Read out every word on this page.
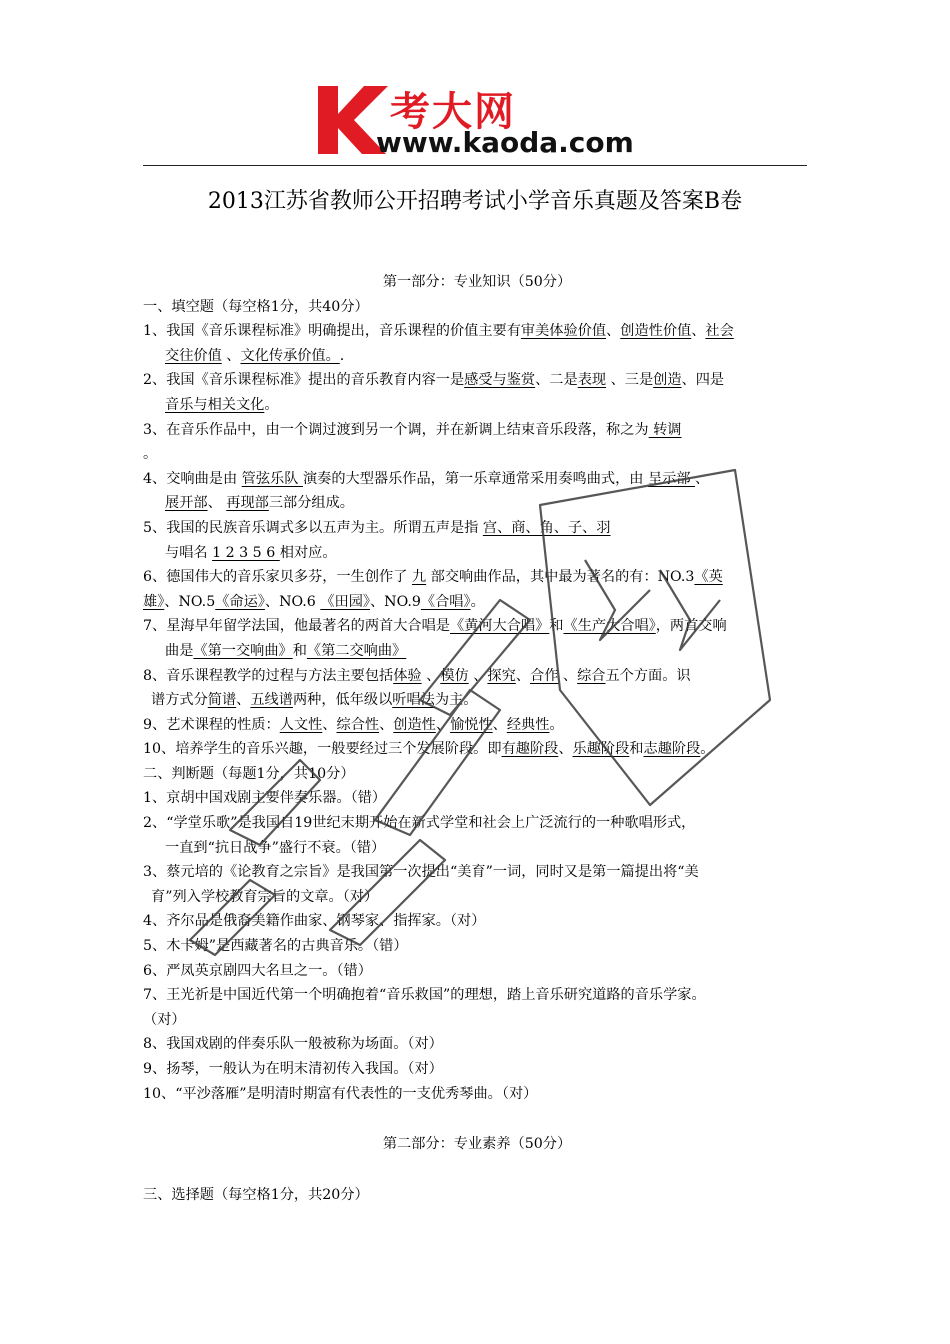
考大网
www.kaoda.com
2013江苏省教师公开招聘考试小学音乐真题及答案B卷
第一部分：专业知识（50分）
一、填空题（每空格1分，共40分）
1、我国《音乐课程标准》明确提出，音乐课程的价值主要有审美体验价值、创造性价值、社会
交往价值 、文化传承价值。.
2、我国《音乐课程标准》提出的音乐教育内容一是感受与鉴赏、二是表现 、三是创造、四是
音乐与相关文化。
3、在音乐作品中，由一个调过渡到另一个调，并在新调上结束音乐段落，称之为 转调
。
4、交响曲是由 管弦乐队 演奏的大型器乐作品，第一乐章通常采用奏鸣曲式，由 呈示部 、
展开部、 再现部三部分组成。
5、我国的民族音乐调式多以五声为主。所谓五声是指 宫、商、角、子、羽
与唱名 1 2 3 5 6 相对应。
6、德国伟大的音乐家贝多芬，一生创作了 九 部交响曲作品，其中最为著名的有：NO.3《英
雄》、NO.5《命运》、NO.6 《田园》、NO.9《合唱》。
7、星海早年留学法国，他最著名的两首大合唱是《黄河大合唱》和《生产大合唱》，两首交响
曲是《第一交响曲》和《第二交响曲》
8、音乐课程教学的过程与方法主要包括体验 、模仿 、探究、合作 、综合五个方面。识
谱方式分简谱、五线谱两种，低年级以听唱法为主。
9、艺术课程的性质：人文性、综合性、创造性、愉悦性、经典性。
10、培养学生的音乐兴趣，一般要经过三个发展阶段。即有趣阶段、乐趣阶段和志趣阶段。
二、判断题（每题1分，共10分）
1、京胡中国戏剧主要伴奏乐器。（错）
2、“学堂乐歌”是我国自19世纪末期开始在新式学堂和社会上广泛流行的一种歌唱形式，
一直到“抗日战争”盛行不衰。（错）
3、蔡元培的《论教育之宗旨》是我国第一次提出“美育”一词，同时又是第一篇提出将“美
育”列入学校教育宗旨的文章。（对）
4、齐尔品是俄裔美籍作曲家、钢琴家、指挥家。（对）
5、木卡姆”是西藏著名的古典音乐。（错）
6、严凤英京剧四大名旦之一。（错）
7、王光祈是中国近代第一个明确抱着“音乐救国”的理想，踏上音乐研究道路的音乐学家。
（对）
8、我国戏剧的伴奏乐队一般被称为场面。（对）
9、扬琴，一般认为在明末清初传入我国。（对）
10、“平沙落雁”是明清时期富有代表性的一支优秀琴曲。（对）
第二部分：专业素养（50分）
三、选择题（每空格1分，共20分）
